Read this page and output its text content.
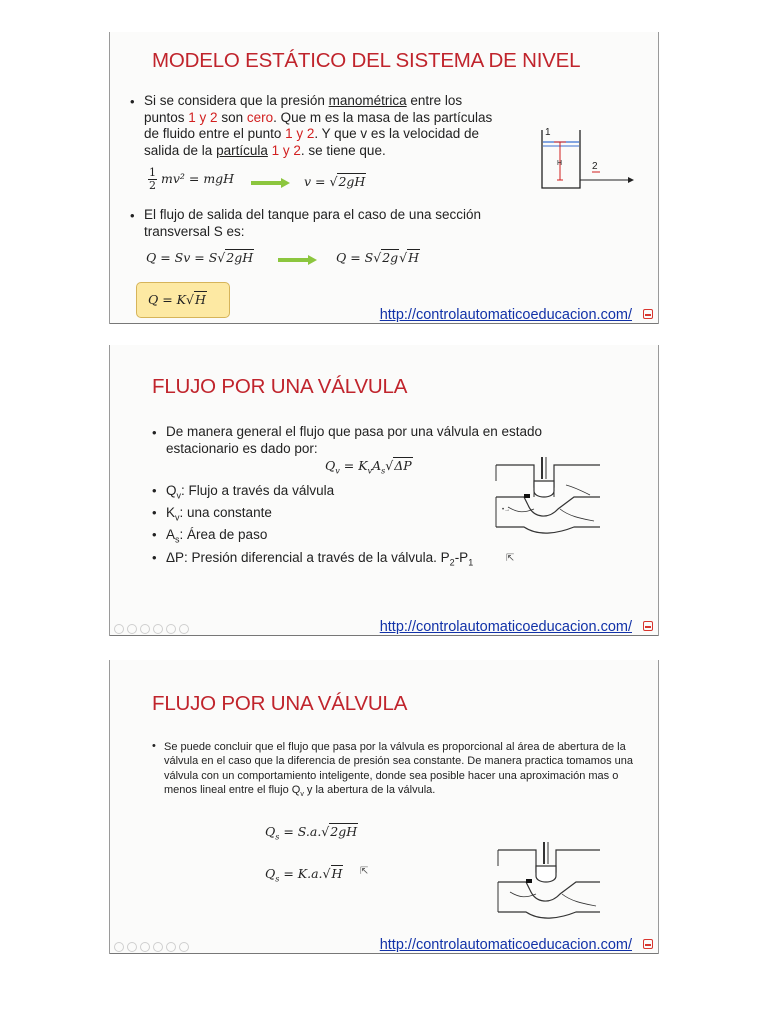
MODELO ESTÁTICO DEL SISTEMA DE NIVEL
• Si se considera que la presión manométrica entre los puntos 1 y 2 son cero. Que m es la masa de las partículas de fluido entre el punto 1 y 2. Y que v es la velocidad de salida de la partícula 1 y 2. se tiene que.
$\frac{1}{2} mv^2$ = mgH	v = √2gH
1
H	2
• El flujo de salida del tanque para el caso de una sección transversal S es:
Q = Sv = S√2gH	Q = S√2g√H
Q = K√H
http://controlautomaticoeducacion.com/
FLUJO POR UNA VÁLVULA
• De manera general el flujo que pasa por una válvula en estado estacionario es dado por:
$Q_v = K_vA_s√\Delta P$
•→
• $Q_v$: Flujo a través da válvula
• $K_v$: una constante
• $A_s$: Área de paso
• ΔP: Presión diferencial a través de la válvula. $P_2-P_1$	⇱
http://controlautomaticoeducacion.com/
FLUJO POR UNA VÁLVULA
• Se puede concluir que el flujo que pasa por la válvula es proporcional al área de abertura de la válvula en el caso que la diferencia de presión sea constante. De manera practica tomamos una válvula con un comportamiento inteligente, donde sea posible hacer una aproximación mas o menos lineal entre el flujo $Q_v$ y la abertura de la válvula.
$Q_s = S.a.√2gH$
$Q_s = K.a.√H$ ⇱
http://controlautomaticoeducacion.com/
